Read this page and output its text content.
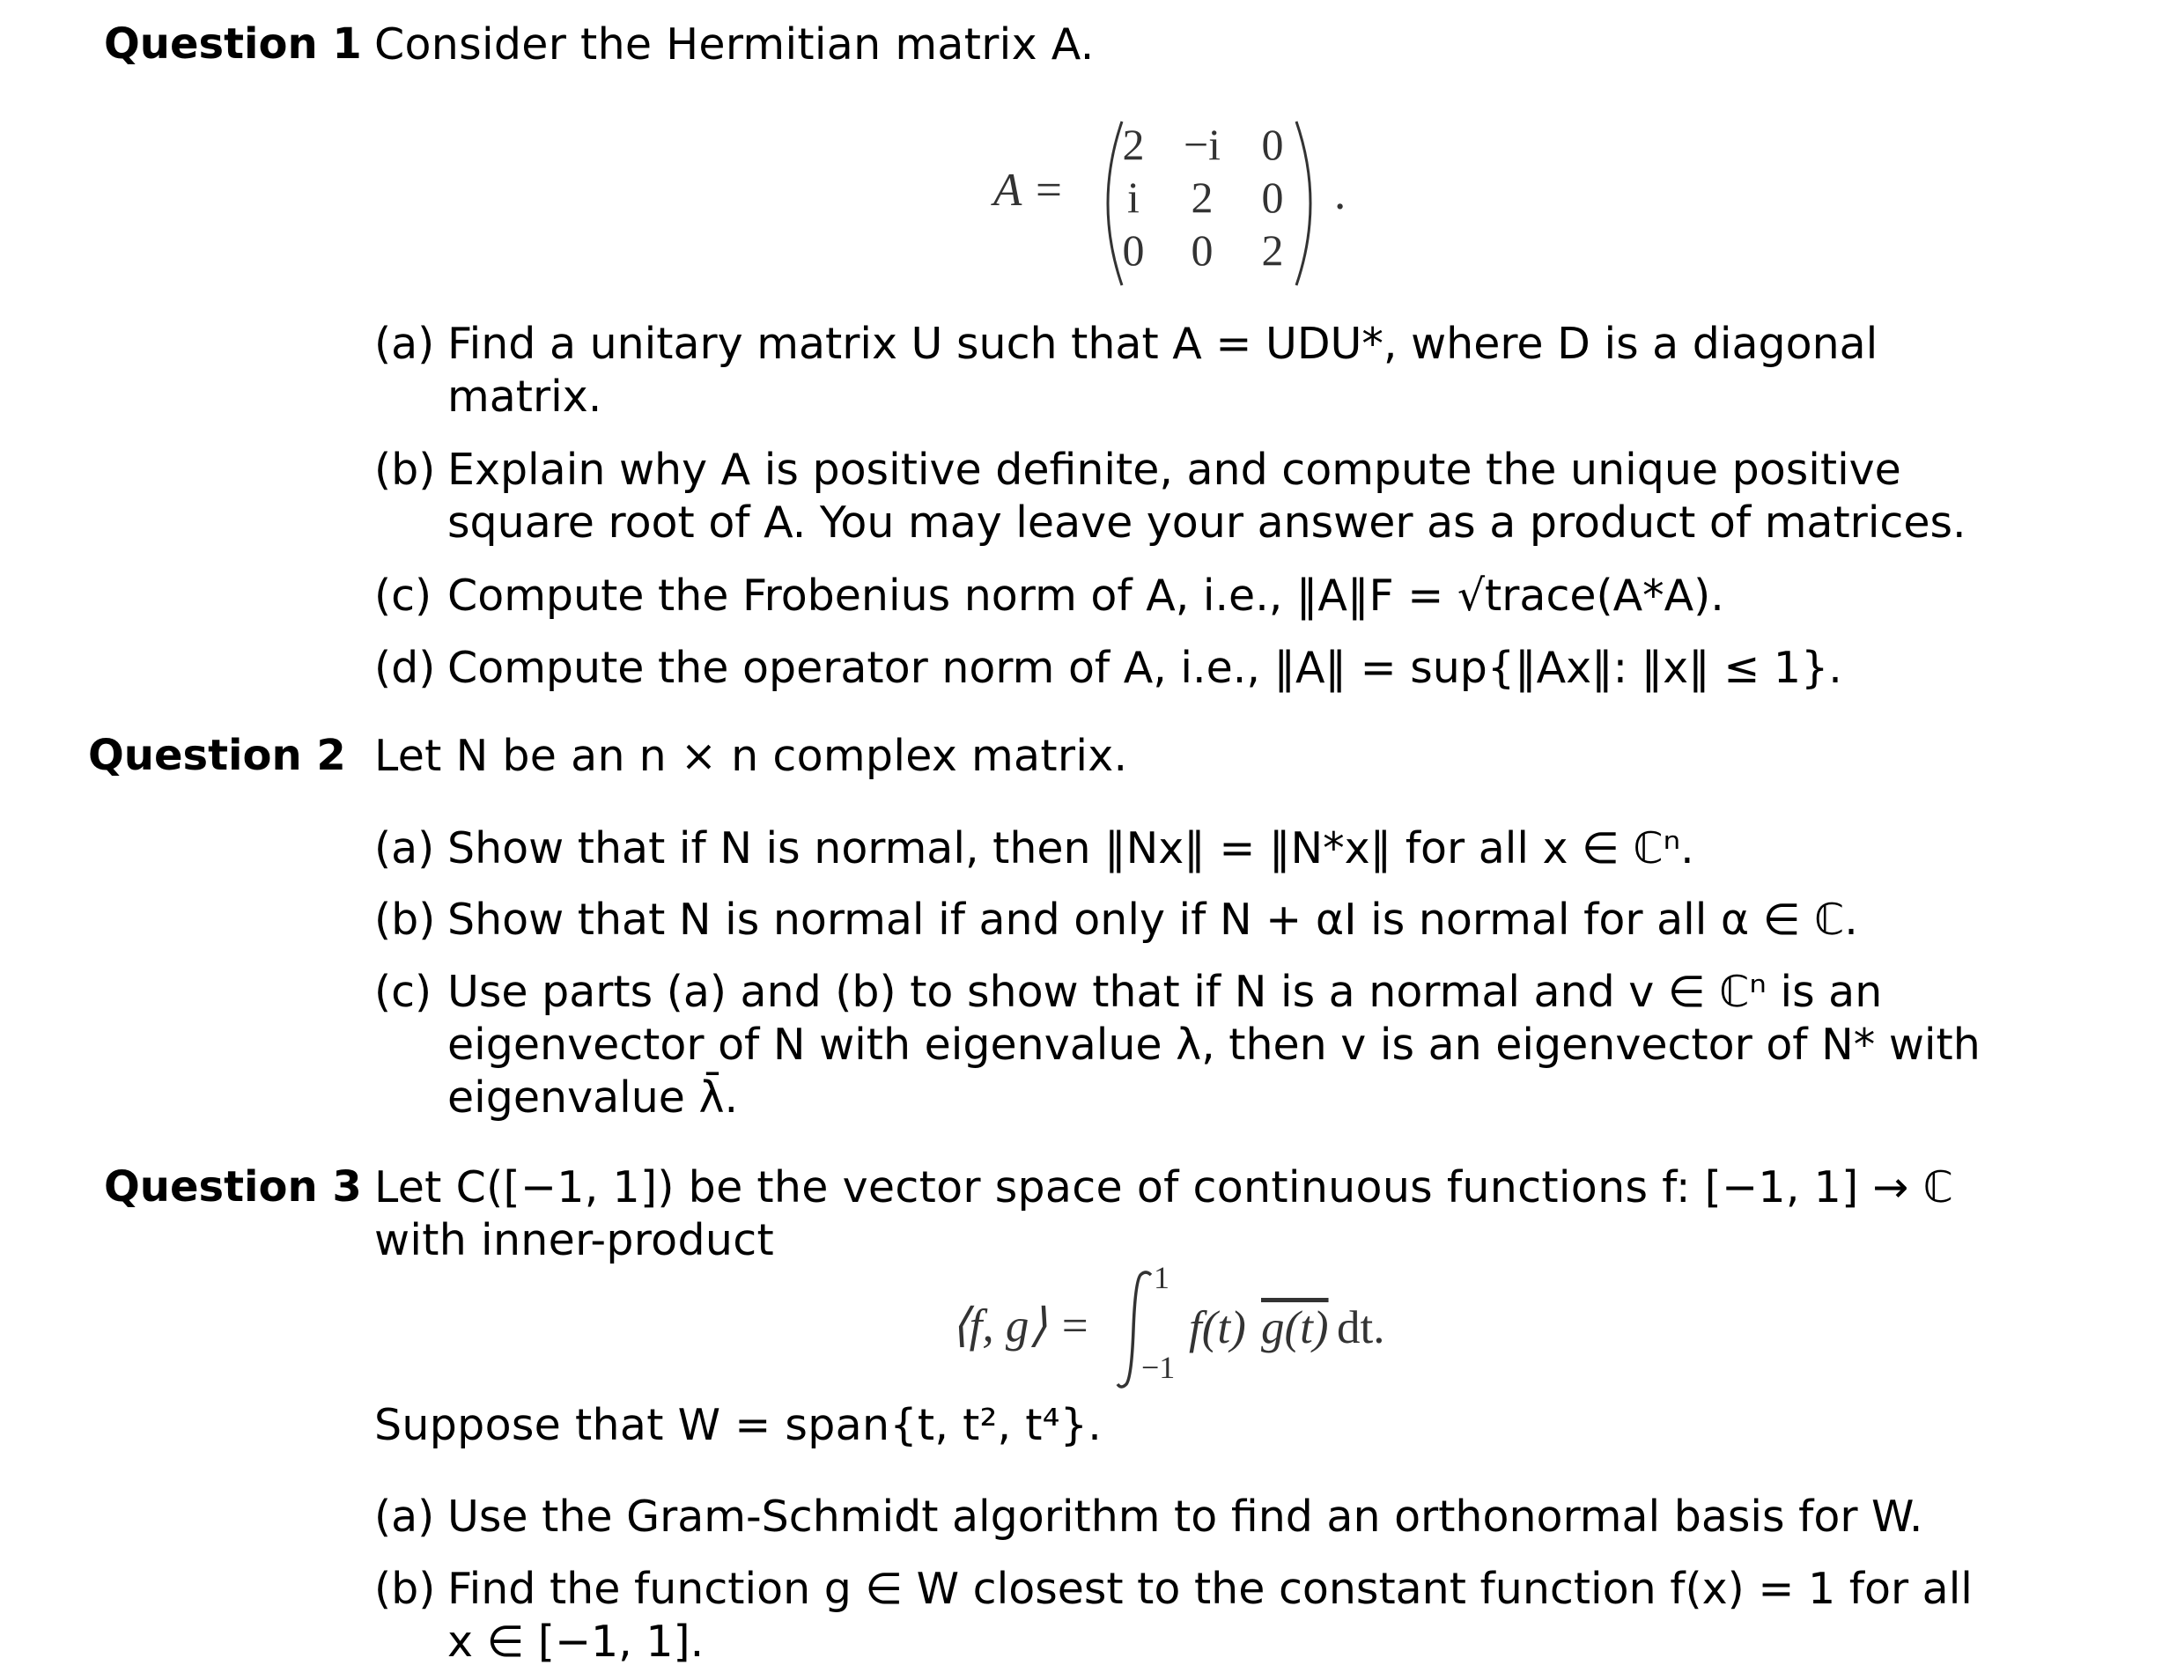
Question 1 Consider the Hermitian matrix A.
A =
2 −i 0
i	2	0
0	0	2
.
(a) Find a unitary matrix U such that A = UDU*, where D is a diagonal
matrix.
(b) Explain why A is positive definite, and compute the unique positive
square root of A. You may leave your answer as a product of matrices.
(c) Compute the Frobenius norm of A, i.e., ‖A‖F = √trace(A*A).
(d) Compute the operator norm of A, i.e., ‖A‖ = sup{‖Ax‖: ‖x‖ ≤ 1}.
Question 2 Let N be an n × n complex matrix.
(a) Show that if N is normal, then ‖Nx‖ = ‖N*x‖ for all x ∈ ℂⁿ.
(b) Show that N is normal if and only if N + αI is normal for all α ∈ ℂ.
(c) Use parts (a) and (b) to show that if N is a normal and v ∈ ℂⁿ is an
eigenvector of N with eigenvalue λ, then v is an eigenvector of N* with
eigenvalue λ̄.
Question 3 Let C([−1, 1]) be the vector space of continuous functions f: [−1, 1] → ℂ
with inner-product
⟨f, g⟩ =
1
−1
f(t) g(t) dt.
Suppose that W = span{t, t², t⁴}.
(a) Use the Gram-Schmidt algorithm to find an orthonormal basis for W.
(b) Find the function g ∈ W closest to the constant function f(x) = 1 for all
x ∈ [−1, 1].
